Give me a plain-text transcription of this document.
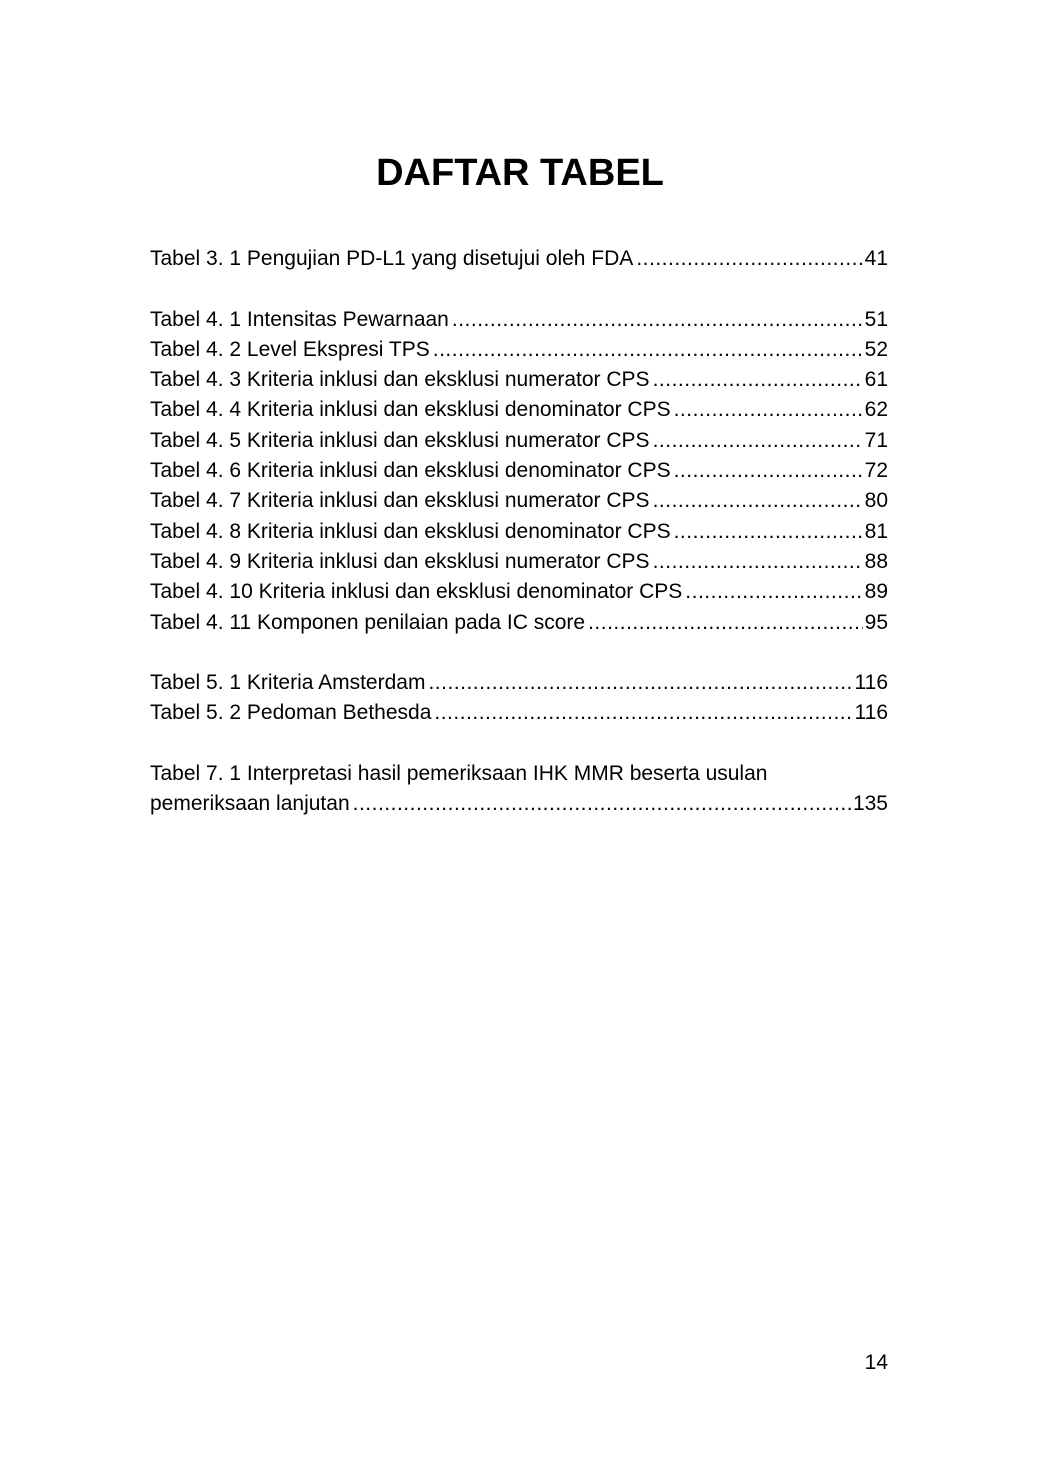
DAFTAR TABEL
Tabel 3. 1 Pengujian PD-L1 yang disetujui oleh FDA .....	41
Tabel 4. 1 Intensitas Pewarnaan .....	51
Tabel 4. 2 Level Ekspresi TPS .....	52
Tabel 4. 3 Kriteria inklusi dan eksklusi numerator CPS .....	61
Tabel 4. 4 Kriteria inklusi dan eksklusi denominator CPS .....	62
Tabel 4. 5 Kriteria inklusi dan eksklusi numerator CPS .....	71
Tabel 4. 6 Kriteria inklusi dan eksklusi denominator CPS .....	72
Tabel 4. 7 Kriteria inklusi dan eksklusi numerator CPS .....	80
Tabel 4. 8 Kriteria inklusi dan eksklusi denominator CPS .....	81
Tabel 4. 9 Kriteria inklusi dan eksklusi numerator CPS .....	88
Tabel 4. 10 Kriteria inklusi dan eksklusi denominator CPS .....	89
Tabel 4. 11 Komponen penilaian pada IC score .....	95
Tabel 5. 1 Kriteria Amsterdam .....	116
Tabel 5. 2 Pedoman Bethesda .....	116
Tabel 7. 1 Interpretasi hasil pemeriksaan IHK MMR beserta usulan
pemeriksaan lanjutan .....	135
14
